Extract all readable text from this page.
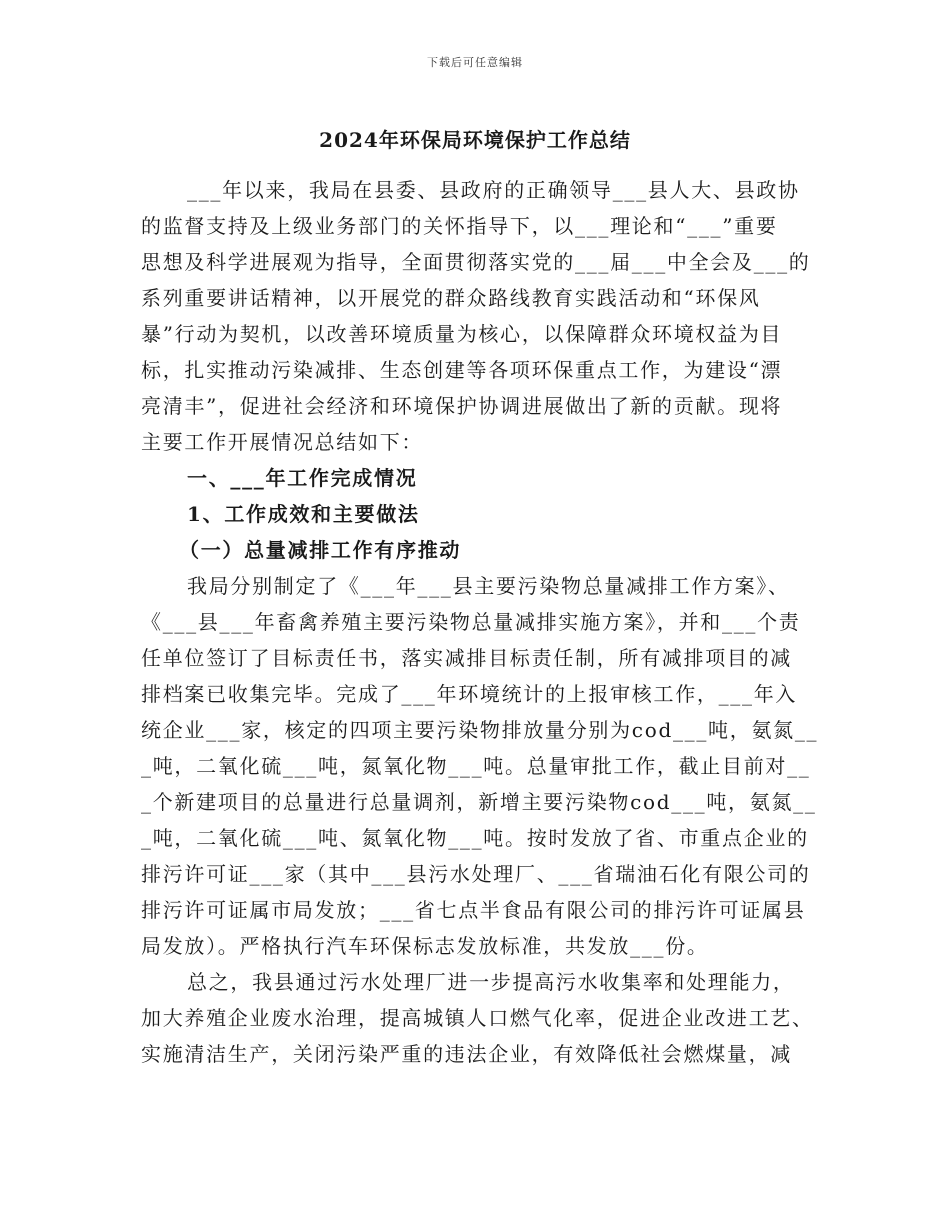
下载后可任意编辑
2024年环保局环境保护工作总结
___年以来，我局在县委、县政府的正确领导___县人大、县政协
的监督支持及上级业务部门的关怀指导下，以___理论和“___”重要
思想及科学进展观为指导，全面贯彻落实党的___届___中全会及___的
系列重要讲话精神，以开展党的群众路线教育实践活动和“环保风
暴”行动为契机，以改善环境质量为核心，以保障群众环境权益为目
标，扎实推动污染减排、生态创建等各项环保重点工作，为建设“漂
亮清丰”，促进社会经济和环境保护协调进展做出了新的贡献。现将
主要工作开展情况总结如下：
一、___年工作完成情况
1、工作成效和主要做法
（一）总量减排工作有序推动
我局分别制定了《___年___县主要污染物总量减排工作方案》、
《___县___年畜禽养殖主要污染物总量减排实施方案》，并和___个责
任单位签订了目标责任书，落实减排目标责任制，所有减排项目的减
排档案已收集完毕。完成了___年环境统计的上报审核工作，___年入
统企业___家，核定的四项主要污染物排放量分别为cod___吨，氨氮__
_吨，二氧化硫___吨，氮氧化物___吨。总量审批工作，截止目前对__
_个新建项目的总量进行总量调剂，新增主要污染物cod___吨，氨氮__
_吨，二氧化硫___吨、氮氧化物___吨。按时发放了省、市重点企业的
排污许可证___家（其中___县污水处理厂、___省瑞油石化有限公司的
排污许可证属市局发放；___省七点半食品有限公司的排污许可证属县
局发放）。严格执行汽车环保标志发放标准，共发放___份。
总之，我县通过污水处理厂进一步提高污水收集率和处理能力，
加大养殖企业废水治理，提高城镇人口燃气化率，促进企业改进工艺、
实施清洁生产，关闭污染严重的违法企业，有效降低社会燃煤量，减
